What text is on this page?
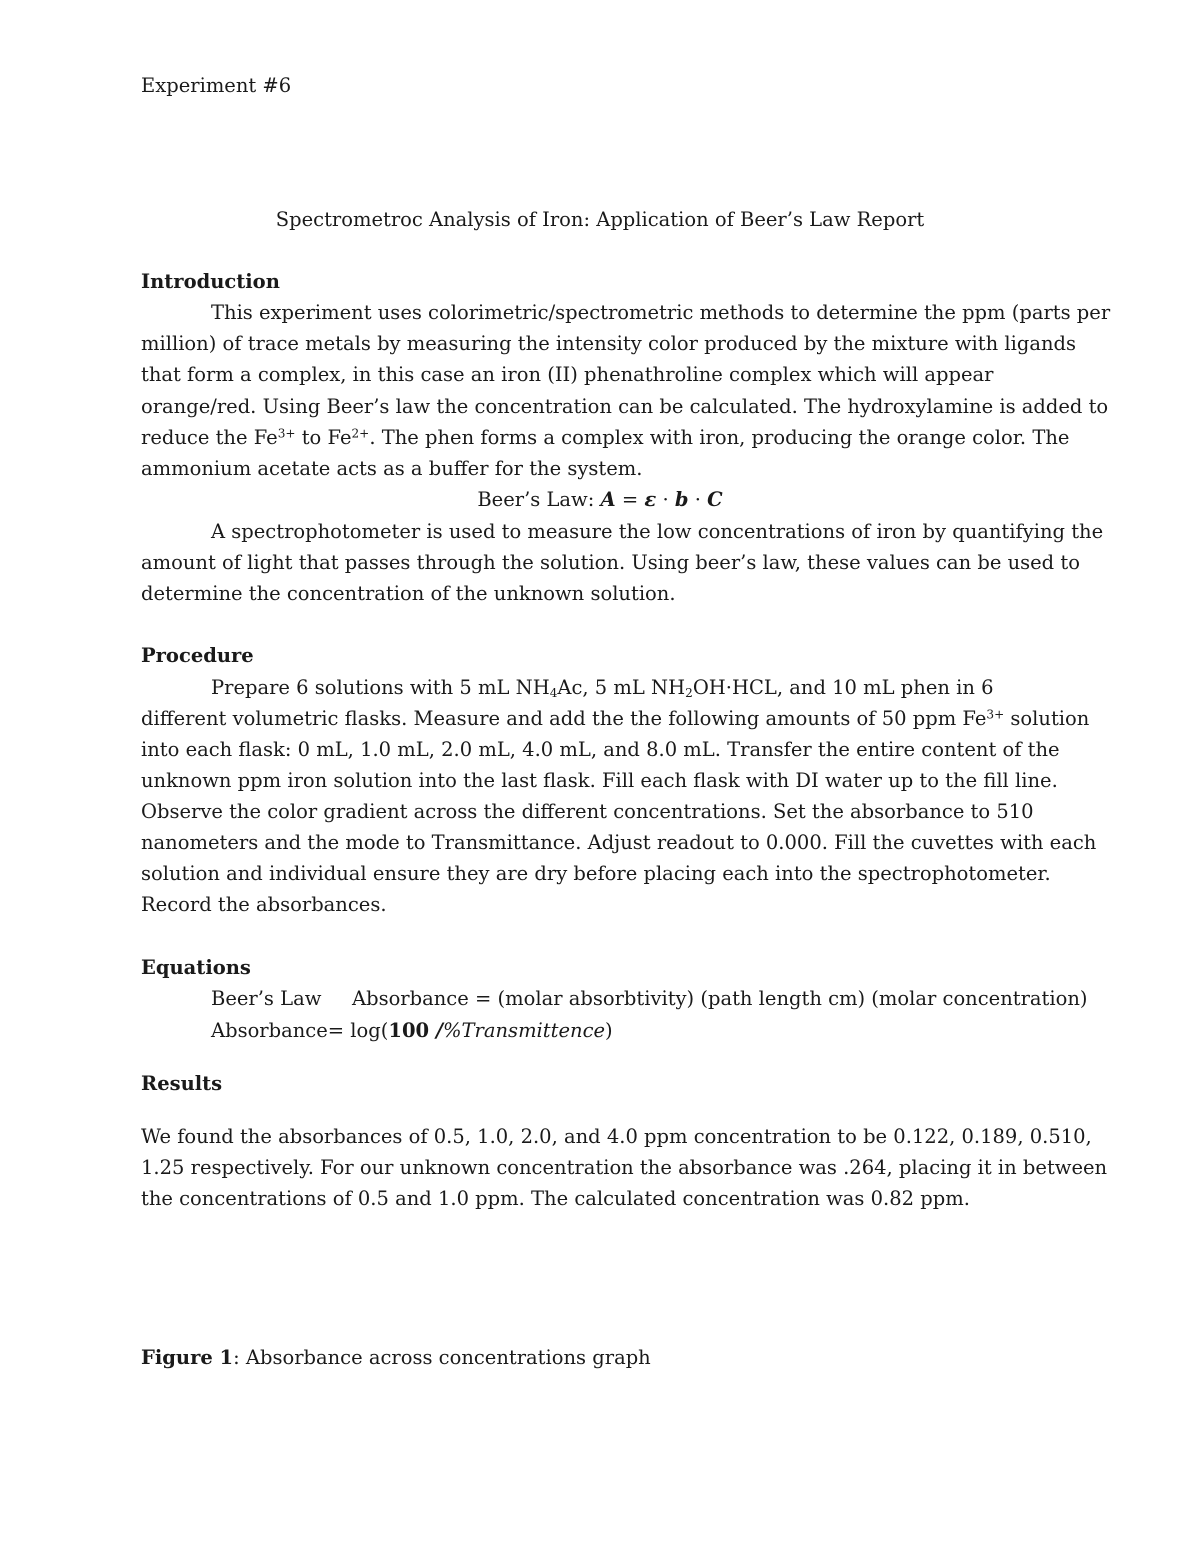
Experiment #6
Spectrometroc Analysis of Iron: Application of Beer’s Law Report
Introduction
This experiment uses colorimetric/spectrometric methods to determine the ppm (parts per
million) of trace metals by measuring the intensity color produced by the mixture with ligands
that form a complex, in this case an iron (II) phenathroline complex which will appear
orange/red. Using Beer’s law the concentration can be calculated. The hydroxylamine is added to
reduce the $Fe^{3+}$ to $Fe^{2+}$. The phen forms a complex with iron, producing the orange color. The
ammonium acetate acts as a buffer for the system.
Beer’s Law: A = ε · b · C
A spectrophotometer is used to measure the low concentrations of iron by quantifying the
amount of light that passes through the solution. Using beer’s law, these values can be used to
determine the concentration of the unknown solution.
Procedure
Prepare 6 solutions with 5 mL $NH_4Ac$, 5 mL $NH_2OH\cdot HCL$, and 10 mL phen in 6
different volumetric flasks. Measure and add the the following amounts of 50 ppm $Fe^{3+}$ solution
into each flask: 0 mL, 1.0 mL, 2.0 mL, 4.0 mL, and 8.0 mL. Transfer the entire content of the
unknown ppm iron solution into the last flask. Fill each flask with DI water up to the fill line.
Observe the color gradient across the different concentrations. Set the absorbance to 510
nanometers and the mode to Transmittance. Adjust readout to 0.000. Fill the cuvettes with each
solution and individual ensure they are dry before placing each into the spectrophotometer.
Record the absorbances.
Equations
Beer’s Law Absorbance = (molar absorbtivity) (path length cm) (molar concentration)
Absorbance= log(100 /%Transmittence)
Results
We found the absorbances of 0.5, 1.0, 2.0, and 4.0 ppm concentration to be 0.122, 0.189, 0.510,
1.25 respectively. For our unknown concentration the absorbance was .264, placing it in between
the concentrations of 0.5 and 1.0 ppm. The calculated concentration was 0.82 ppm.
Figure 1: Absorbance across concentrations graph
